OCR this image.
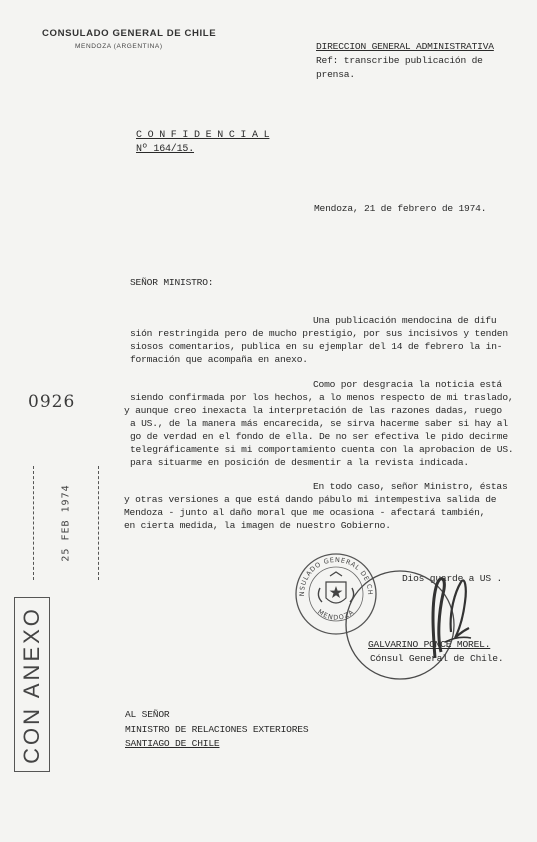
CONSULADO GENERAL DE CHILE
MENDOZA (ARGENTINA)	DIRECCION GENERAL ADMINISTRATIVA
Ref: transcribe publicación de
prensa.
C O N F I D E N C I A L
Nº 164/15.
Mendoza, 21 de febrero de 1974.
SEÑOR MINISTRO:
Una publicación mendocina de difu
sión restringida pero de mucho prestigio, por sus incisivos y tenden
siosos comentarios, publica en su ejemplar del 14 de febrero la in-
formación que acompaña en anexo.
Como por desgracia la noticia está
siendo confirmada por los hechos, a lo menos respecto de mi traslado,
y aunque creo inexacta la interpretación de las razones dadas, ruego
a US., de la manera más encarecida, se sirva hacerme saber si hay al
go de verdad en el fondo de ella. De no ser efectiva le pido decirme
telegráficamente si mi comportamiento cuenta con la aprobacion de US.
para situarme en posición de desmentir a la revista indicada.
En todo caso, señor Ministro, éstas
y otras versiones a que está dando pábulo mi intempestiva salida de
Mendoza - junto al daño moral que me ocasiona - afectará también,
en cierta medida, la imagen de nuestro Gobierno.
Dios guarde a US .
CONSULADO GENERAL DE CHILE
MENDOZA
GALVARINO PONCE MOREL.
Cónsul General de Chile.
0926
25 FEB 1974
CON ANEXO	AL SEÑOR
MINISTRO DE RELACIONES EXTERIORES
SANTIAGO DE CHILE
